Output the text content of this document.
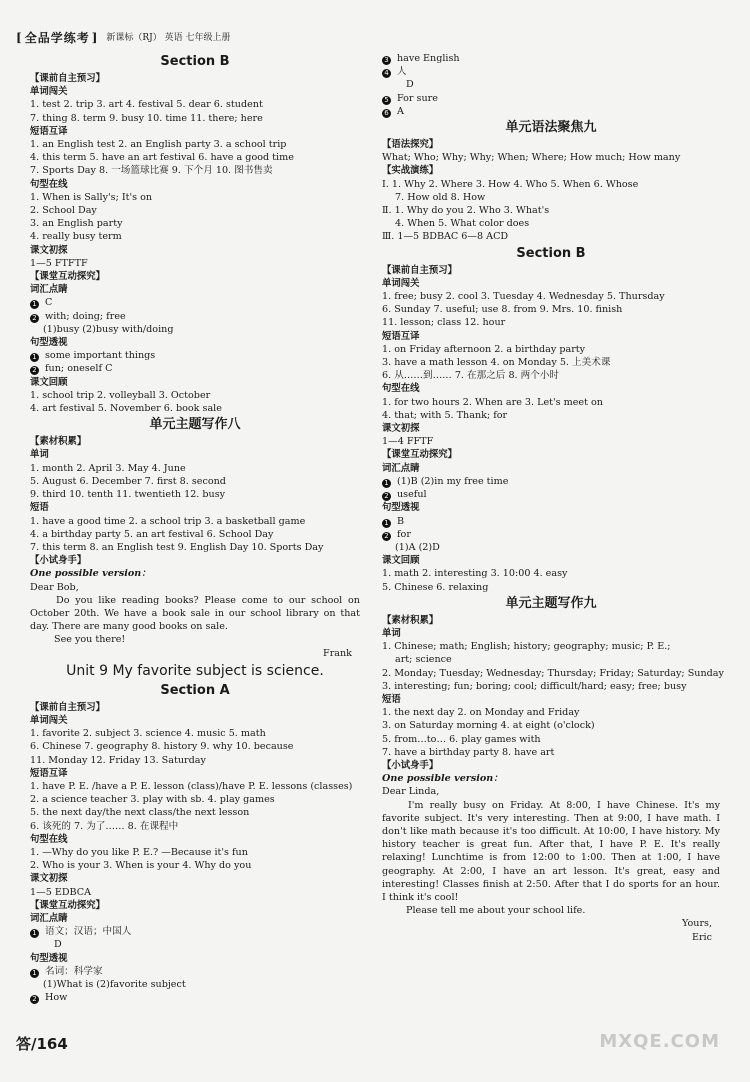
[ 全品学练考 ]	新课标（RJ） 英语 七年级上册
Section B
【课前自主预习】
单词闯关
1. test 2. trip 3. art 4. festival 5. dear 6. student
7. thing 8. term 9. busy 10. time 11. there; here
短语互译
1. an English test 2. an English party 3. a school trip
4. this term 5. have an art festival 6. have a good time
7. Sports Day 8. 一场篮球比赛 9. 下个月 10. 图书售卖
句型在线
1. When is Sally's; It's on
2. School Day
3. an English party
4. really busy term
课文初探
1—5 FTFTF
【课堂互动探究】
词汇点睛
1 C
2 with; doing; free
(1)busy (2)busy with/doing
句型透视
1 some important things
2 fun; oneself C
课文回顾
1. school trip 2. volleyball 3. October
4. art festival 5. November 6. book sale
单元主题写作八
【素材积累】
单词
1. month 2. April 3. May 4. June
5. August 6. December 7. first 8. second
9. third 10. tenth 11. twentieth 12. busy
短语
1. have a good time 2. a school trip 3. a basketball game
4. a birthday party 5. an art festival 6. School Day
7. this term 8. an English test 9. English Day 10. Sports Day
【小试身手】
One possible version：
Dear Bob,
Do you like reading books? Please come to our school on October 20th. We have a book sale in our school library on that day. There are many good books on sale.
See you there!
Frank
Unit 9 My favorite subject is science.
Section A
【课前自主预习】
单词闯关
1. favorite 2. subject 3. science 4. music 5. math
6. Chinese 7. geography 8. history 9. why 10. because
11. Monday 12. Friday 13. Saturday
短语互译
1. have P. E. /have a P. E. lesson (class)/have P. E. lessons (classes)
2. a science teacher 3. play with sb. 4. play games
5. the next day/the next class/the next lesson
6. 该死的 7. 为了…… 8. 在课程中
句型在线
1. —Why do you like P. E.? —Because it's fun
2. Who is your 3. When is your 4. Why do you
课文初探
1—5 EDBCA
【课堂互动探究】
词汇点睛
1 语文；汉语；中国人
D
句型透视
1 名词：科学家
(1)What is (2)favorite subject
2 How
3 have English
4 人
D
5 For sure
6 A
单元语法聚焦九
【语法探究】
What; Who; Why; Why; When; Where; How much; How many
【实战演练】
Ⅰ. 1. Why 2. Where 3. How 4. Who 5. When 6. Whose
7. How old 8. How
Ⅱ. 1. Why do you 2. Who 3. What's
4. When 5. What color does
Ⅲ. 1—5 BDBAC 6—8 ACD
Section B
【课前自主预习】
单词闯关
1. free; busy 2. cool 3. Tuesday 4. Wednesday 5. Thursday
6. Sunday 7. useful; use 8. from 9. Mrs. 10. finish
11. lesson; class 12. hour
短语互译
1. on Friday afternoon 2. a birthday party
3. have a math lesson 4. on Monday 5. 上美术课
6. 从……到…… 7. 在那之后 8. 两个小时
句型在线
1. for two hours 2. When are 3. Let's meet on
4. that; with 5. Thank; for
课文初探
1—4 FFTF
【课堂互动探究】
词汇点睛
1 (1)B (2)in my free time
2 useful
句型透视
1 B
2 for
(1)A (2)D
课文回顾
1. math 2. interesting 3. 10:00 4. easy
5. Chinese 6. relaxing
单元主题写作九
【素材积累】
单词
1. Chinese; math; English; history; geography; music; P. E.;
art; science
2. Monday; Tuesday; Wednesday; Thursday; Friday; Saturday; Sunday
3. interesting; fun; boring; cool; difficult/hard; easy; free; busy
短语
1. the next day 2. on Monday and Friday
3. on Saturday morning 4. at eight (o'clock)
5. from…to… 6. play games with
7. have a birthday party 8. have art
【小试身手】
One possible version：
Dear Linda,
I'm really busy on Friday. At 8:00, I have Chinese. It's my favorite subject. It's very interesting. Then at 9:00, I have math. I don't like math because it's too difficult. At 10:00, I have history. My history teacher is great fun. After that, I have P. E. It's really relaxing! Lunchtime is from 12:00 to 1:00. Then at 1:00, I have geography. At 2:00, I have an art lesson. It's great, easy and interesting! Classes finish at 2:50. After that I do sports for an hour. I think it's cool!
Please tell me about your school life.
Yours,
Eric
答/164	MXQE.COM
